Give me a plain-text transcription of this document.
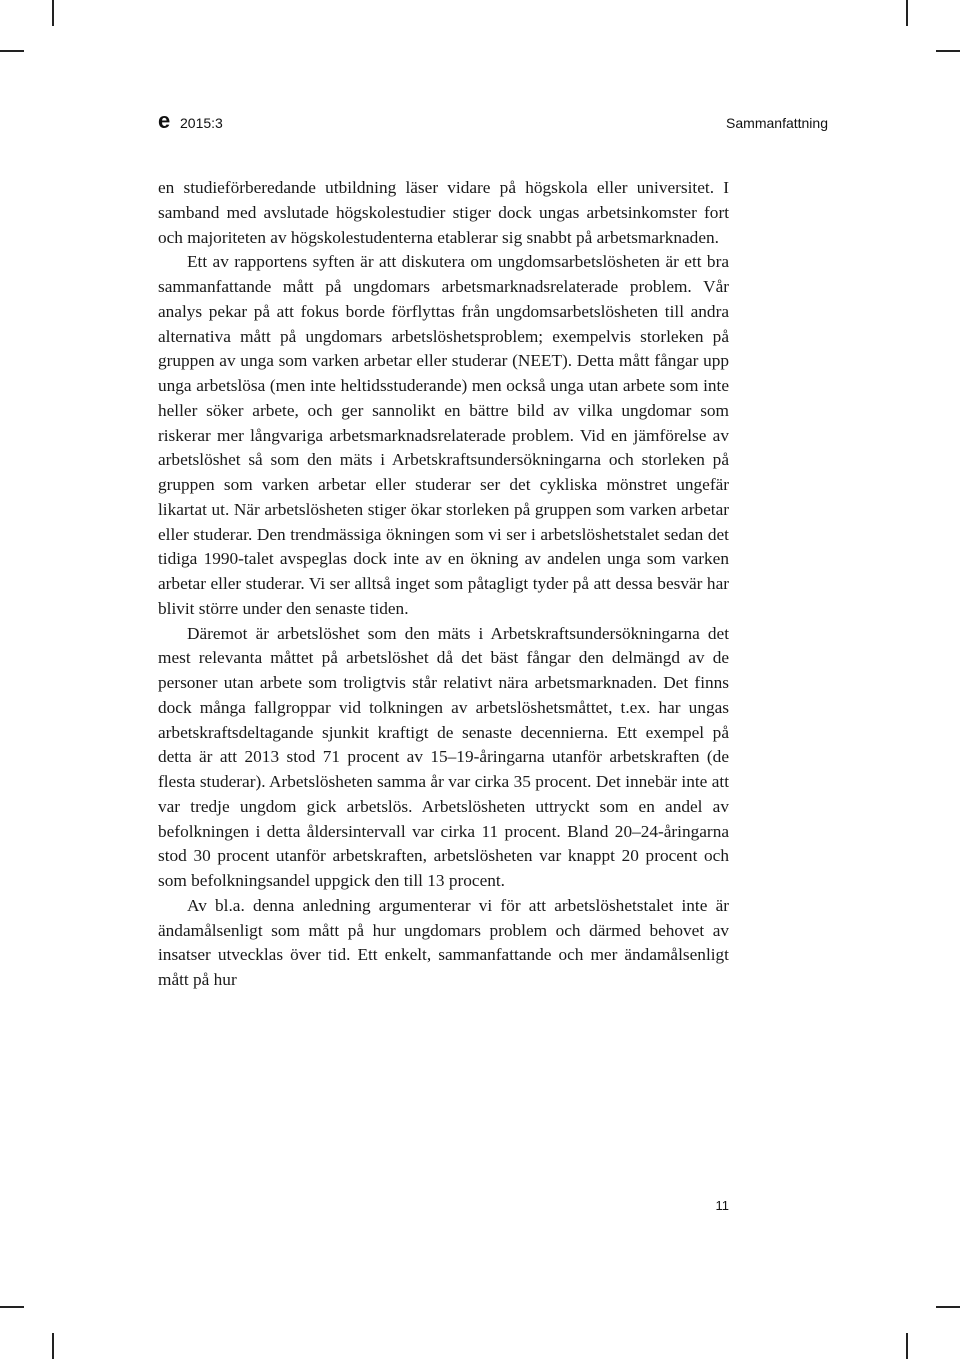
e 2015:3	Sammanfattning

en studieförberedande utbildning läser vidare på högskola eller universitet. I samband med avslutade högskolestudier stiger dock ungas arbetsinkomster fort och majoriteten av högskolestudenterna etablerar sig snabbt på arbetsmarknaden.

Ett av rapportens syften är att diskutera om ungdomsarbetslösheten är ett bra sammanfattande mått på ungdomars arbetsmarknadsrelaterade problem. Vår analys pekar på att fokus borde förflyttas från ungdomsarbetslösheten till andra alternativa mått på ungdomars arbetslöshetsproblem; exempelvis storleken på gruppen av unga som varken arbetar eller studerar (NEET). Detta mått fångar upp unga arbetslösa (men inte heltidsstuderande) men också unga utan arbete som inte heller söker arbete, och ger sannolikt en bättre bild av vilka ungdomar som riskerar mer långvariga arbetsmarknadsrelaterade problem. Vid en jämförelse av arbetslöshet så som den mäts i Arbetskraftsundersökningarna och storleken på gruppen som varken arbetar eller studerar ser det cykliska mönstret ungefär likartat ut. När arbetslösheten stiger ökar storleken på gruppen som varken arbetar eller studerar. Den trendmässiga ökningen som vi ser i arbetslöshetstalet sedan det tidiga 1990-talet avspeglas dock inte av en ökning av andelen unga som varken arbetar eller studerar. Vi ser alltså inget som påtagligt tyder på att dessa besvär har blivit större under den senaste tiden.

Däremot är arbetslöshet som den mäts i Arbetskraftsundersökningarna det mest relevanta måttet på arbetslöshet då det bäst fångar den delmängd av de personer utan arbete som troligtvis står relativt nära arbetsmarknaden. Det finns dock många fallgroppar vid tolkningen av arbetslöshetsmåttet, t.ex. har ungas arbetskraftsdeltagande sjunkit kraftigt de senaste decennierna. Ett exempel på detta är att 2013 stod 71 procent av 15–19-åringarna utanför arbetskraften (de flesta studerar). Arbetslösheten samma år var cirka 35 procent. Det innebär inte att var tredje ungdom gick arbetslös. Arbetslösheten uttryckt som en andel av befolkningen i detta åldersintervall var cirka 11 procent. Bland 20–24-åringarna stod 30 procent utanför arbetskraften, arbetslösheten var knappt 20 procent och som befolkningsandel uppgick den till 13 procent.

Av bl.a. denna anledning argumenterar vi för att arbetslöshetstalet inte är ändamålsenligt som mått på hur ungdomars problem och därmed behovet av insatser utvecklas över tid. Ett enkelt, sammanfattande och mer ändamålsenligt mått på hur

11
